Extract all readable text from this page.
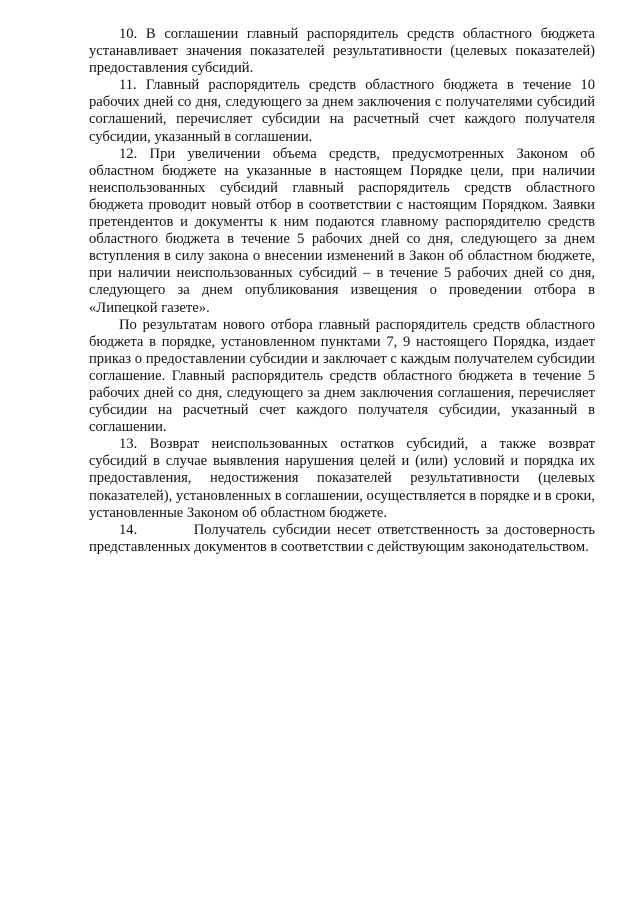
10. В соглашении главный распорядитель средств областного бюджета устанавливает значения показателей результативности (целевых показателей) предоставления субсидий.

11. Главный распорядитель средств областного бюджета в течение 10 рабочих дней со дня, следующего за днем заключения с получателями субсидий соглашений, перечисляет субсидии на расчетный счет каждого получателя субсидии, указанный в соглашении.

12. При увеличении объема средств, предусмотренных Законом об областном бюджете на указанные в настоящем Порядке цели, при наличии неиспользованных субсидий главный распорядитель средств областного бюджета проводит новый отбор в соответствии с настоящим Порядком. Заявки претендентов и документы к ним подаются главному распорядителю средств областного бюджета в течение 5 рабочих дней со дня, следующего за днем вступления в силу закона о внесении изменений в Закон об областном бюджете, при наличии неиспользованных субсидий – в течение 5 рабочих дней со дня, следующего за днем опубликования извещения о проведении отбора в «Липецкой газете».

По результатам нового отбора главный распорядитель средств областного бюджета в порядке, установленном пунктами 7, 9 настоящего Порядка, издает приказ о предоставлении субсидии и заключает с каждым получателем субсидии соглашение. Главный распорядитель средств областного бюджета в течение 5 рабочих дней со дня, следующего за днем заключения соглашения, перечисляет субсидии на расчетный счет каждого получателя субсидии, указанный в соглашении.

13. Возврат неиспользованных остатков субсидий, а также возврат субсидий в случае выявления нарушения целей и (или) условий и порядка их предоставления, недостижения показателей результативности (целевых показателей), установленных в соглашении, осуществляется в порядке и в сроки, установленные Законом об областном бюджете.

14.         Получатель субсидии несет ответственность за достоверность представленных документов в соответствии с действующим законодательством.
